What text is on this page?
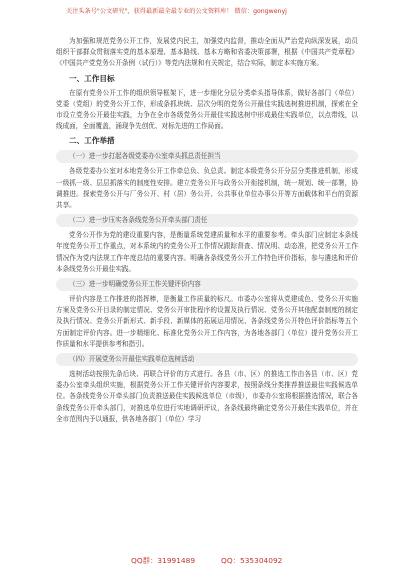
关注头条号"公文研究"，获得最新最全最专业的公文资料库！ 微信：gongwenyj

为加强和规范党务公开工作，发展党内民主，加强党内监督，推动全面从严治党向纵深发展，动员组织干部群众贯彻落实党的基本原理、基本路线、基本方略和省委决策部署，根据《中国共产党章程》《中国共产党党务公开条例（试行）》等党内法规和有关规定，结合实际，制定本实施方案。

一、工作目标

在原有党务公开工作的组织领导框架下，进一步细化分层分类牵头指导体系，做好各部门（单位）党委（党组）的党务公开工作，形成条抓块统、层次分明的党务公开最佳实践选树推进机制，探索在全市设立党务公开最佳实践，力争在全市各级党务公开最佳实践选树中形成最佳实践单位，以点带线，以线成面，全面覆盖，涌现争先创优、对标先进的工作局面。

二、工作举措

（一）进一步打起各级党委办公室牵头抓总责任担当

各级党委办公室对本地党务公开工作牵总负、负总责。制定本级党务公开分层分类推进机制，形成一级抓一级、层层抓落实的制度性安排。建立党务公开与政务公开衔接机制，统一规划、统一部署，协调推进。探索党务公开与厂务公开、村（居）务公开、公共事业单位办事公开等方面载体和平台的资源共享。

（二）进一步压实各条线党务公开牵头部门责任

党务公开作为党的建设重要内容，是衡量系统党建质量和水平的重要参考。牵头部门应制定本条线年度党务公开工作重点，对本系统内的党务公开工作情况跟踪督查、情况明、动态准，把党务公开工作情况作为党内法规工作年度总结的重要内容。明确各条线党务公开工作特色评价指标，参与遴选和评价本条线党务公开最佳实践。

（三）进一步明确党务公开工作关键评价内容

评价内容是工作推进的指挥棒，是衡量工作质量的标尺。市委办公室将从党建成色、党务公开实施方案及党务公开目录的制定情况、党务公开审批程序的设置及执行情况、党务公开其他配套制度的制定及执行情况、党务公开新形式、新手段、新媒体的拓展运用情况、各条线党务公开特色评价指标等五个方面制定评价内容。进一步精细化、标准化党务公开工作内容，为各地各部门（单位）提升党务公开工作质量和水平提供参考和指引。

（四）开展党务公开最佳实践单位选树活动

选树活动按照先条后块、再联合评价的方式进行。各县（市、区）的推选工作由各县（市、区）党委办公室牵头组织实施，根据党务公开工作关键评价内容要求，按照条线分类推荐推送最佳实践候选单位。各条线党务公开牵头部门负责推送最佳实践候选单位（市级），市委办公室将根据推选情况，联合各条线党务公开牵头部门，对推选单位进行实地调研评议，各条线最终确定党务公开最佳实践单位，并在全市范围内予以通报，供各地各部门（单位）学习

QQ群：31991489	QQ：535304092
